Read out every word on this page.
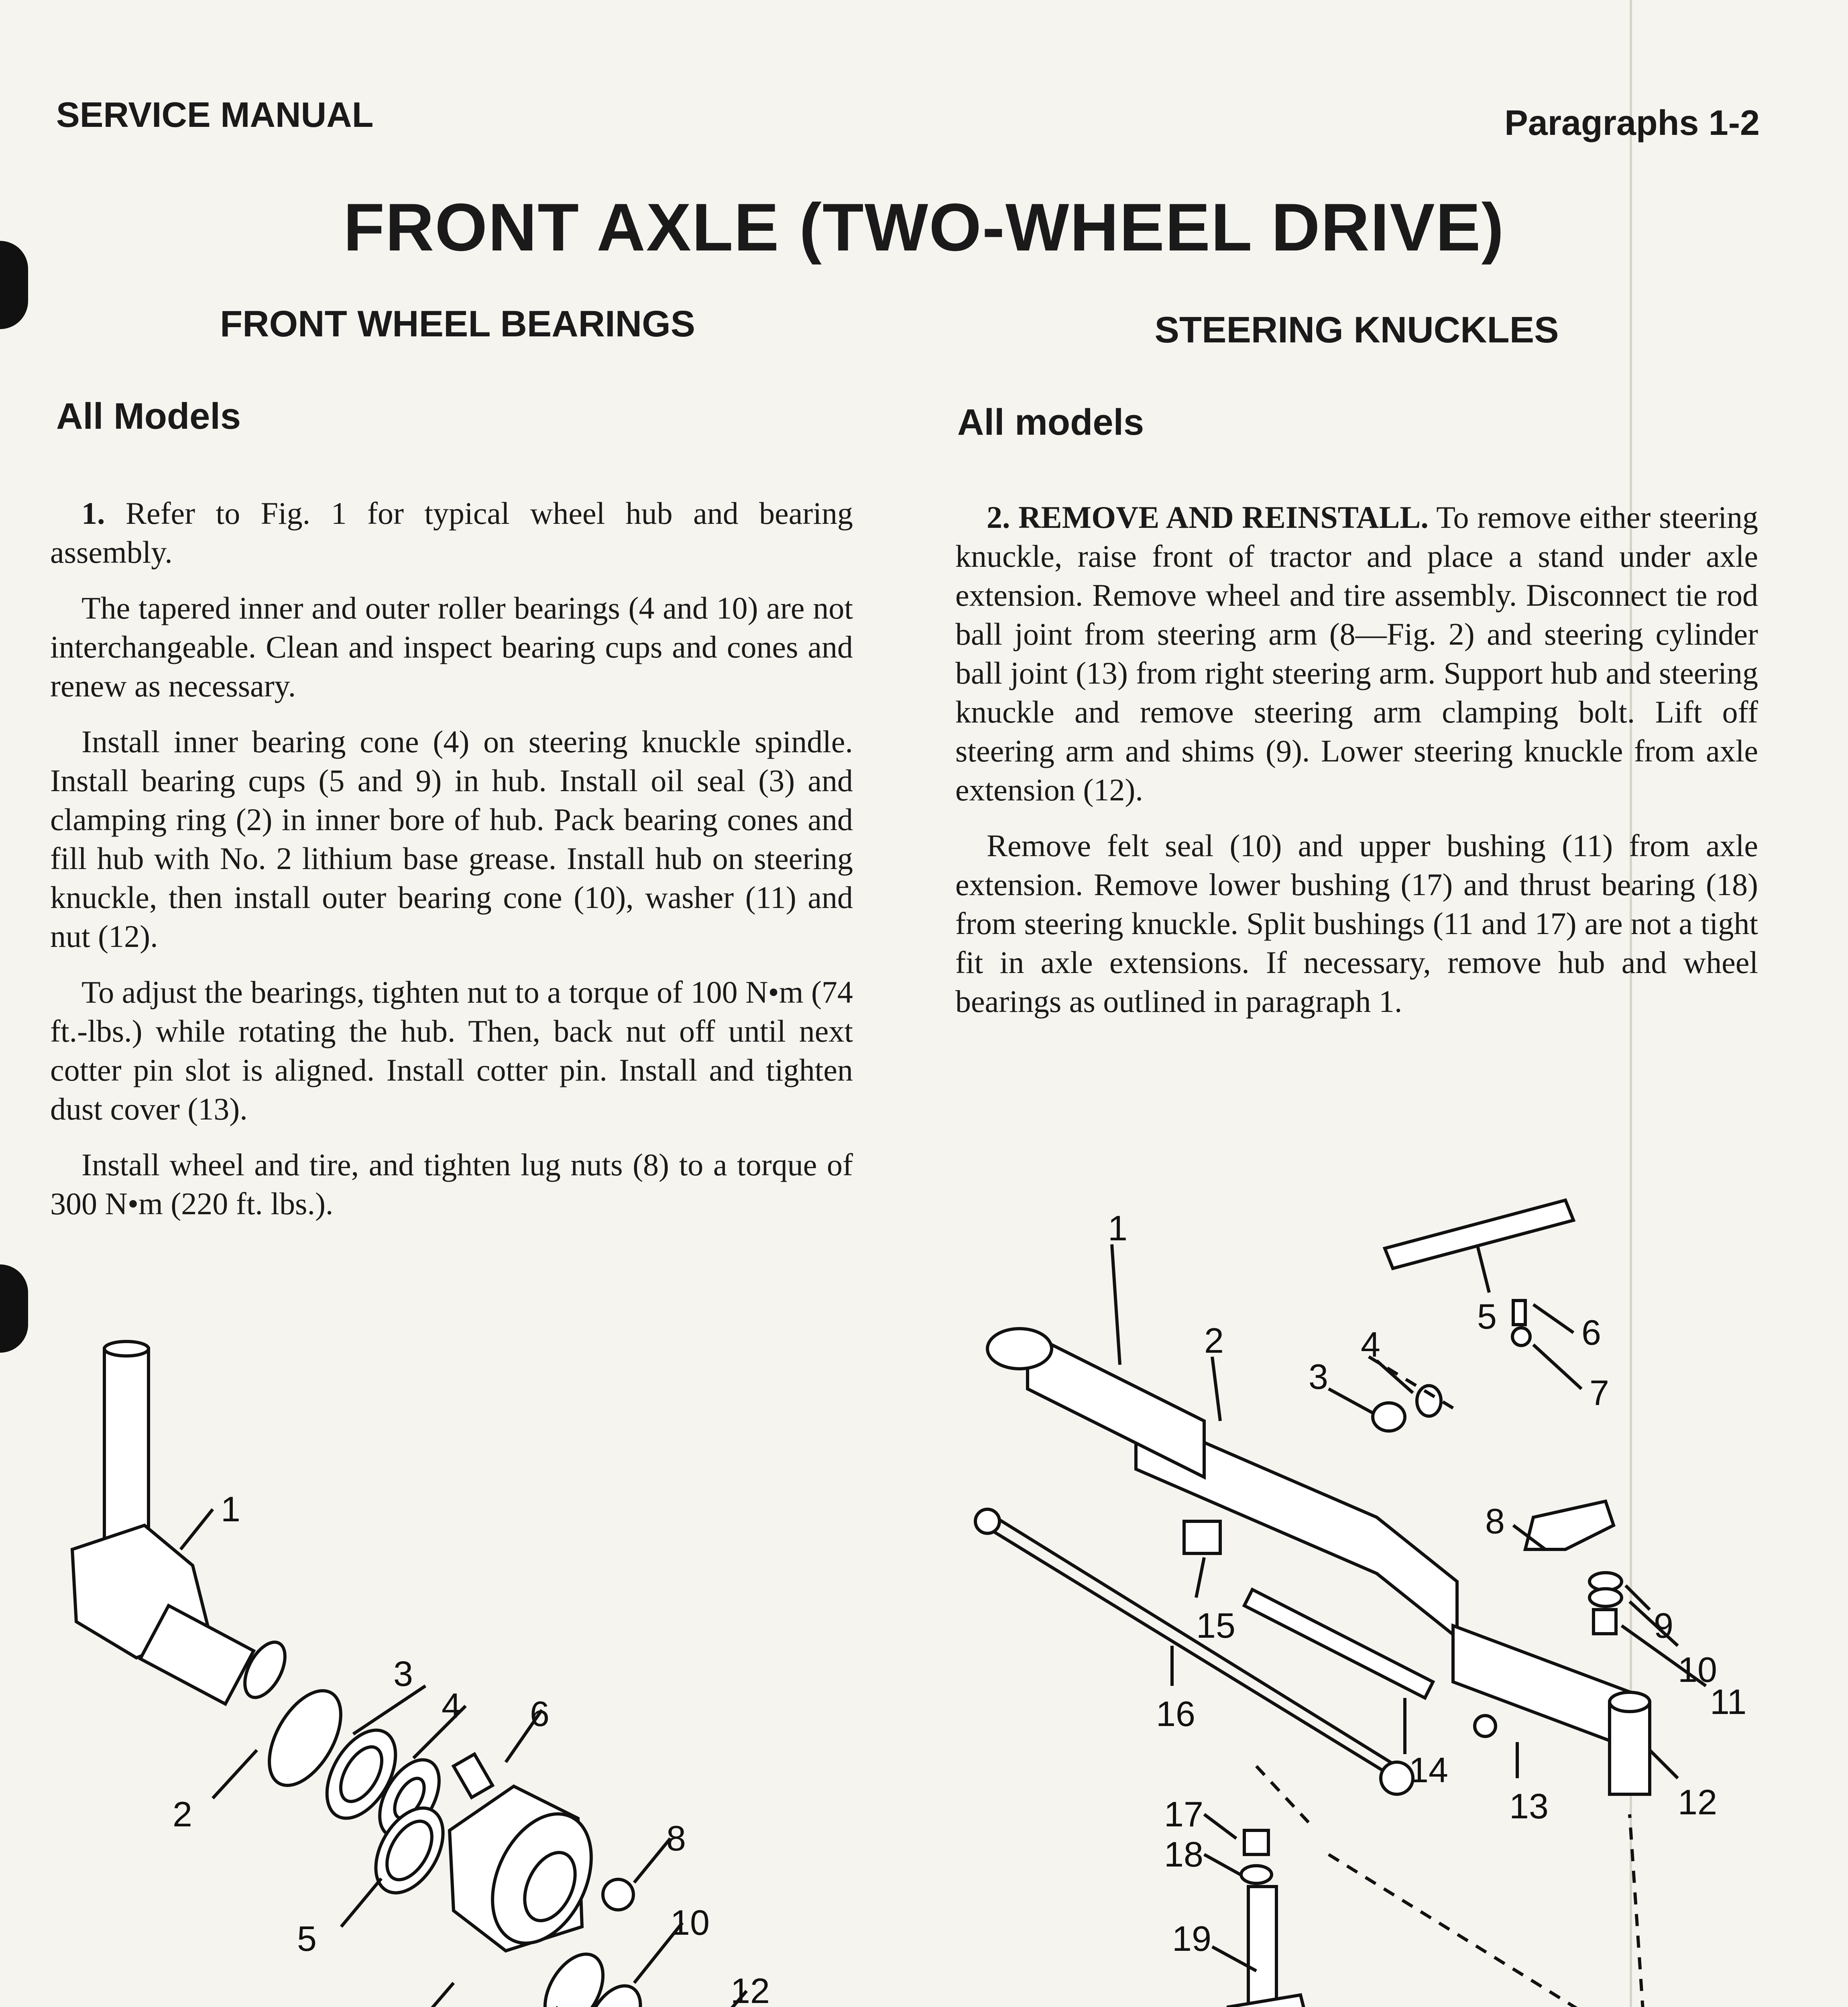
SERVICE MANUAL	Paragraphs 1-2
FRONT AXLE (TWO-WHEEL DRIVE)
FRONT WHEEL BEARINGS
All Models

1. Refer to Fig. 1 for typical wheel hub and bearing assembly.

The tapered inner and outer roller bearings (4 and 10) are not interchangeable. Clean and inspect bearing cups and cones and renew as necessary.

Install inner bearing cone (4) on steering knuckle spindle. Install bearing cups (5 and 9) in hub. Install oil seal (3) and clamping ring (2) in inner bore of hub. Pack bearing cones and fill hub with No. 2 lithium base grease. Install hub on steering knuckle, then install outer bearing cone (10), washer (11) and nut (12).

To adjust the bearings, tighten nut to a torque of 100 N•m (74 ft.-lbs.) while rotating the hub. Then, back nut off until next cotter pin slot is aligned. Install cotter pin. Install and tighten dust cover (13).

Install wheel and tire, and tighten lug nuts (8) to a torque of 300 N•m (220 ft. lbs.).

STEERING KNUCKLES
All models

2. REMOVE AND REINSTALL. To remove either steering knuckle, raise front of tractor and place a stand under axle extension. Remove wheel and tire assembly. Disconnect tie rod ball joint from steering arm (8—Fig. 2) and steering cylinder ball joint (13) from right steering arm. Support hub and steering knuckle and remove steering arm clamping bolt. Lift off steering arm and shims (9). Lower steering knuckle from axle extension (12).

Remove felt seal (10) and upper bushing (11) from axle extension. Remove lower bushing (17) and thrust bearing (18) from steering knuckle. Split bushings (11 and 17) are not a tight fit in axle extensions. If necessary, remove hub and wheel bearings as outlined in paragraph 1.

1
2
3
4
5
6
8
10
12
1
2
3
4
5 6
7
8
9
10
11
12
13
14
15
16
17
18
19
